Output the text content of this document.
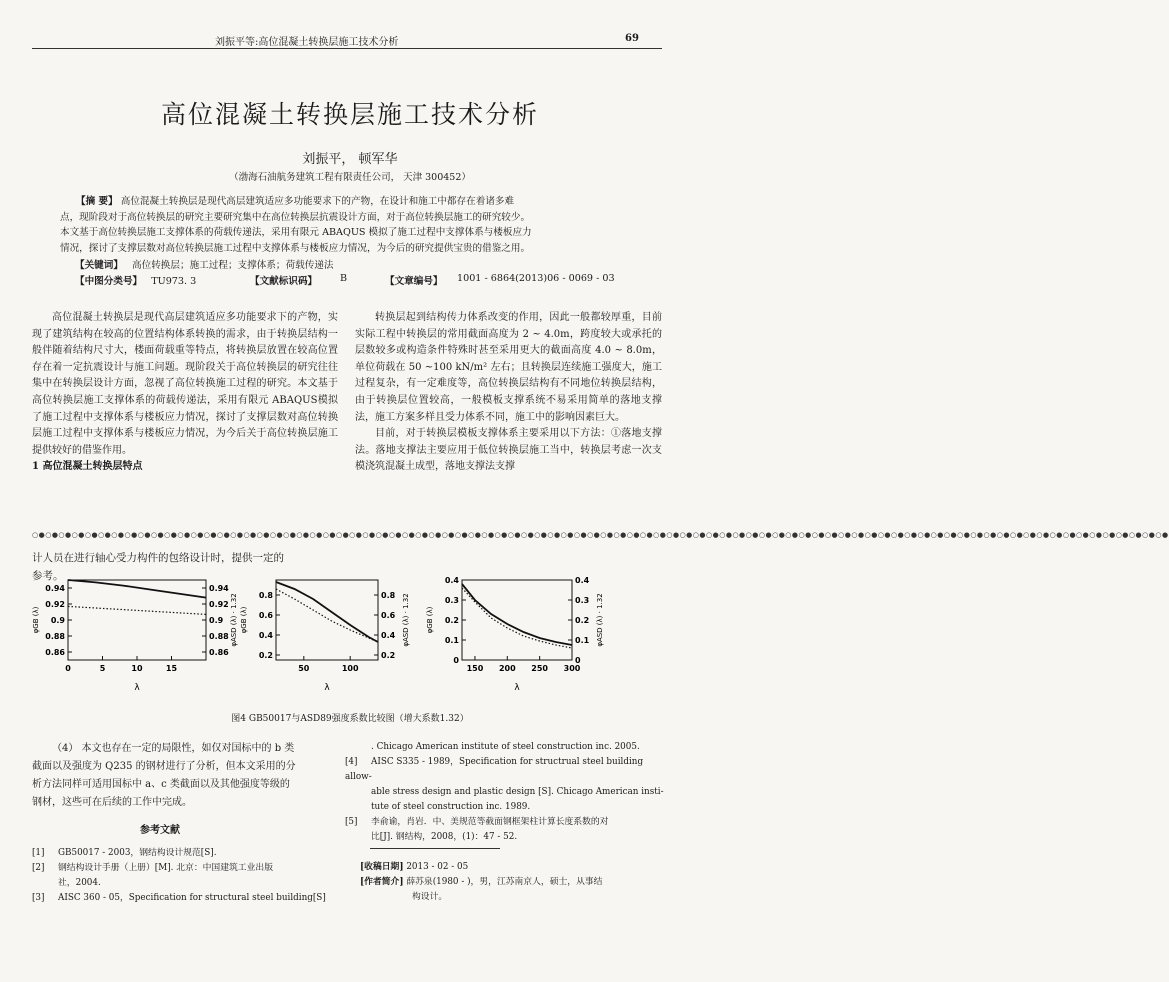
刘振平等:高位混凝土转换层施工技术分析	69
高位混凝土转换层施工技术分析
刘振平， 顿军华
（渤海石油航务建筑工程有限责任公司， 天津 300452）
【摘 要】 高位混凝土转换层是现代高层建筑适应多功能要求下的产物，在设计和施工中都存在着诸多难
点，现阶段对于高位转换层的研究主要研究集中在高位转换层抗震设计方面，对于高位转换层施工的研究较少。
本文基于高位转换层施工支撑体系的荷载传递法，采用有限元 ABAQUS 模拟了施工过程中支撑体系与楼板应力
情况，探讨了支撑层数对高位转换层施工过程中支撑体系与楼板应力情况，为今后的研究提供宝贵的借鉴之用。
【关键词】 高位转换层；施工过程；支撑体系；荷载传递法
【中图分类号】 TU973. 3	【文献标识码】 B	【文章编号】 1001 - 6864(2013)06 - 0069 - 03

高位混凝土转换层是现代高层建筑适应多功能要求下的产物，实现了建筑结构在较高的位置结构体系转换的需求，由于转换层结构一般伴随着结构尺寸大，楼面荷载重等特点，将转换层放置在较高位置存在着一定抗震设计与施工问题。现阶段关于高位转换层的研究往往集中在转换层设计方面，忽视了高位转换施工过程的研究。本文基于高位转换层施工支撑体系的荷载传递法，采用有限元 ABAQUS模拟了施工过程中支撑体系与楼板应力情况，探讨了支撑层数对高位转换层施工过程中支撑体系与楼板应力情况，为今后关于高位转换层施工提供较好的借鉴作用。

1 高位混凝土转换层特点

转换层起到结构传力体系改变的作用，因此一般都较厚重，目前实际工程中转换层的常用截面高度为 2 ~ 4.0m，跨度较大或承托的层数较多或构造条件特殊时甚至采用更大的截面高度 4.0 ~ 8.0m，单位荷载在 50 ~100 kN/m² 左右；且转换层连续施工强度大，施工过程复杂，有一定难度等，高位转换层结构有不同地位转换层结构，由于转换层位置较高，一般模板支撑系统不易采用简单的落地支撑法，施工方案多样且受力体系不同，施工中的影响因素巨大。

目前，对于转换层模板支撑体系主要采用以下方法：①落地支撑法。落地支撑法主要应用于低位转换层施工当中，转换层考虑一次支模浇筑混凝土成型，落地支撑法支撑

○●○●○●○●○●○●○●○●○●○●○●○●○●○●○●○●○●○●○●○●○●○●○●○●○●○●○●○●○●○●○●○●○●○●○●○●○●○●○●○●○●○●○●○●○●○●○●○●○●○●○●○●○●○●○●○●○●○●○●○●○●○●○●○●○●○●○●○●○●○●○●○●○●○●○●○●○●○●○●○●○●○●○●○●○●○●
计人员在进行轴心受力构件的包络设计时，提供一定的
参考。
0.94	0.94
0.92	0.92
0.9	0.9
0.88	0.88
0.86	0.86
0	5	10	15
λ
φGB (λ)	φASD (λ) · 1.32	0.8	0.8
0.6	0.6
0.4	0.4
0.2	0.2
50	100
λ
φGB (λ)	φASD (λ) · 1.32
0.4	0.4
0.3	0.3
0.2	0.2
0.1	0.1
0	0
150 200 250 300
λ
φGB (λ)	φASD (λ) · 1.32
图4 GB50017与ASD89强度系数比较图（增大系数1.32）
（4） 本文也存在一定的局限性，如仅对国标中的 b 类
截面以及强度为 Q235 的钢材进行了分析，但本文采用的分
析方法同样可适用国标中 a、c 类截面以及其他强度等级的
钢材，这些可在后续的工作中完成。
参考文献
[1] GB50017 - 2003，钢结构设计规范[S].
[2] 钢结构设计手册（上册）[M]. 北京：中国建筑工业出版
社，2004.
[3] AISC 360 - 05，Specification for structural steel building[S]
. Chicago American institute of steel construction inc. 2005.
[4] AISC S335 - 1989，Specification for structrual steel building allow-
able stress design and plastic design [S]. Chicago American insti-
tute of steel construction inc. 1989.
[5] 李俞谕，肖岩．中、美规范等截面钢框架柱计算长度系数的对
比[J]. 钢结构，2008，(1)：47 - 52.
[收稿日期] 2013 - 02 - 05
[作者简介] 薛苏泉(1980 - )，男，江苏南京人，硕士，从事结
构设计。
